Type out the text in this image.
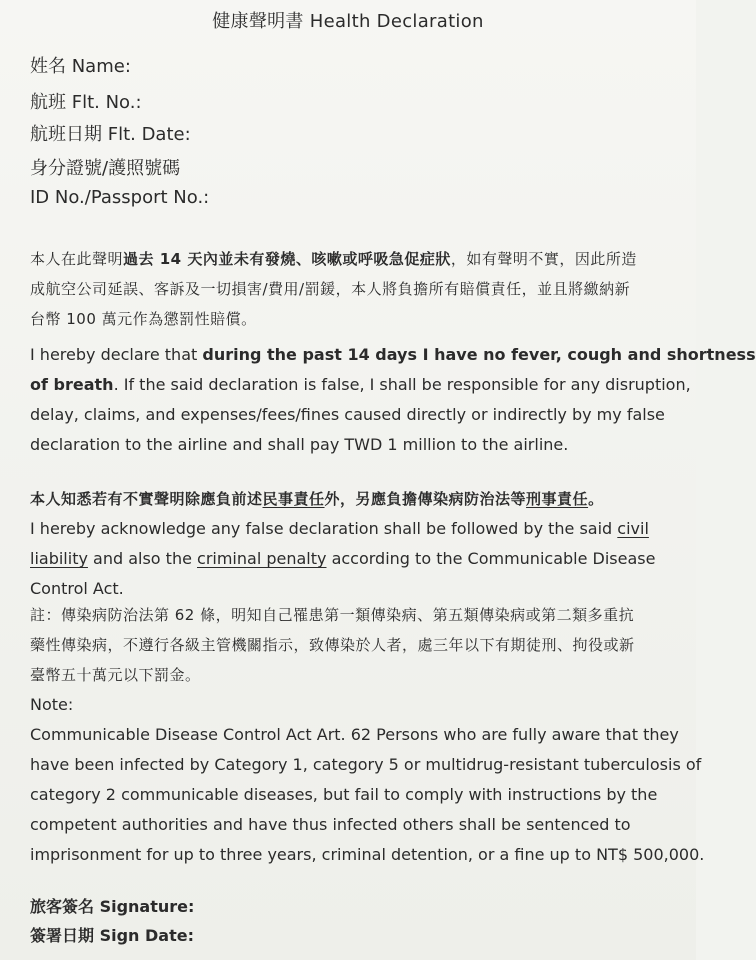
健康聲明書 Health Declaration
姓名 Name:
航班 Flt. No.:
航班日期 Flt. Date:
身分證號/護照號碼
ID No./Passport No.:
本人在此聲明過去 14 天內並未有發燒、咳嗽或呼吸急促症狀，如有聲明不實，因此所造
成航空公司延誤、客訴及一切損害/費用/罰鍰，本人將負擔所有賠償責任，並且將繳納新
台幣 100 萬元作為懲罰性賠償。
I hereby declare that during the past 14 days I have no fever, cough and shortness
of breath. If the said declaration is false, I shall be responsible for any disruption,
delay, claims, and expenses/fees/fines caused directly or indirectly by my false
declaration to the airline and shall pay TWD 1 million to the airline.
本人知悉若有不實聲明除應負前述民事責任外，另應負擔傳染病防治法等刑事責任。
I hereby acknowledge any false declaration shall be followed by the said civil
liability and also the criminal penalty according to the Communicable Disease
Control Act.
註：傳染病防治法第 62 條，明知自己罹患第一類傳染病、第五類傳染病或第二類多重抗
藥性傳染病，不遵行各級主管機關指示，致傳染於人者，處三年以下有期徒刑、拘役或新
臺幣五十萬元以下罰金。
Note:
Communicable Disease Control Act Art. 62 Persons who are fully aware that they
have been infected by Category 1, category 5 or multidrug-resistant tuberculosis of
category 2 communicable diseases, but fail to comply with instructions by the
competent authorities and have thus infected others shall be sentenced to
imprisonment for up to three years, criminal detention, or a fine up to NT$ 500,000.
旅客簽名 Signature:
簽署日期 Sign Date:
